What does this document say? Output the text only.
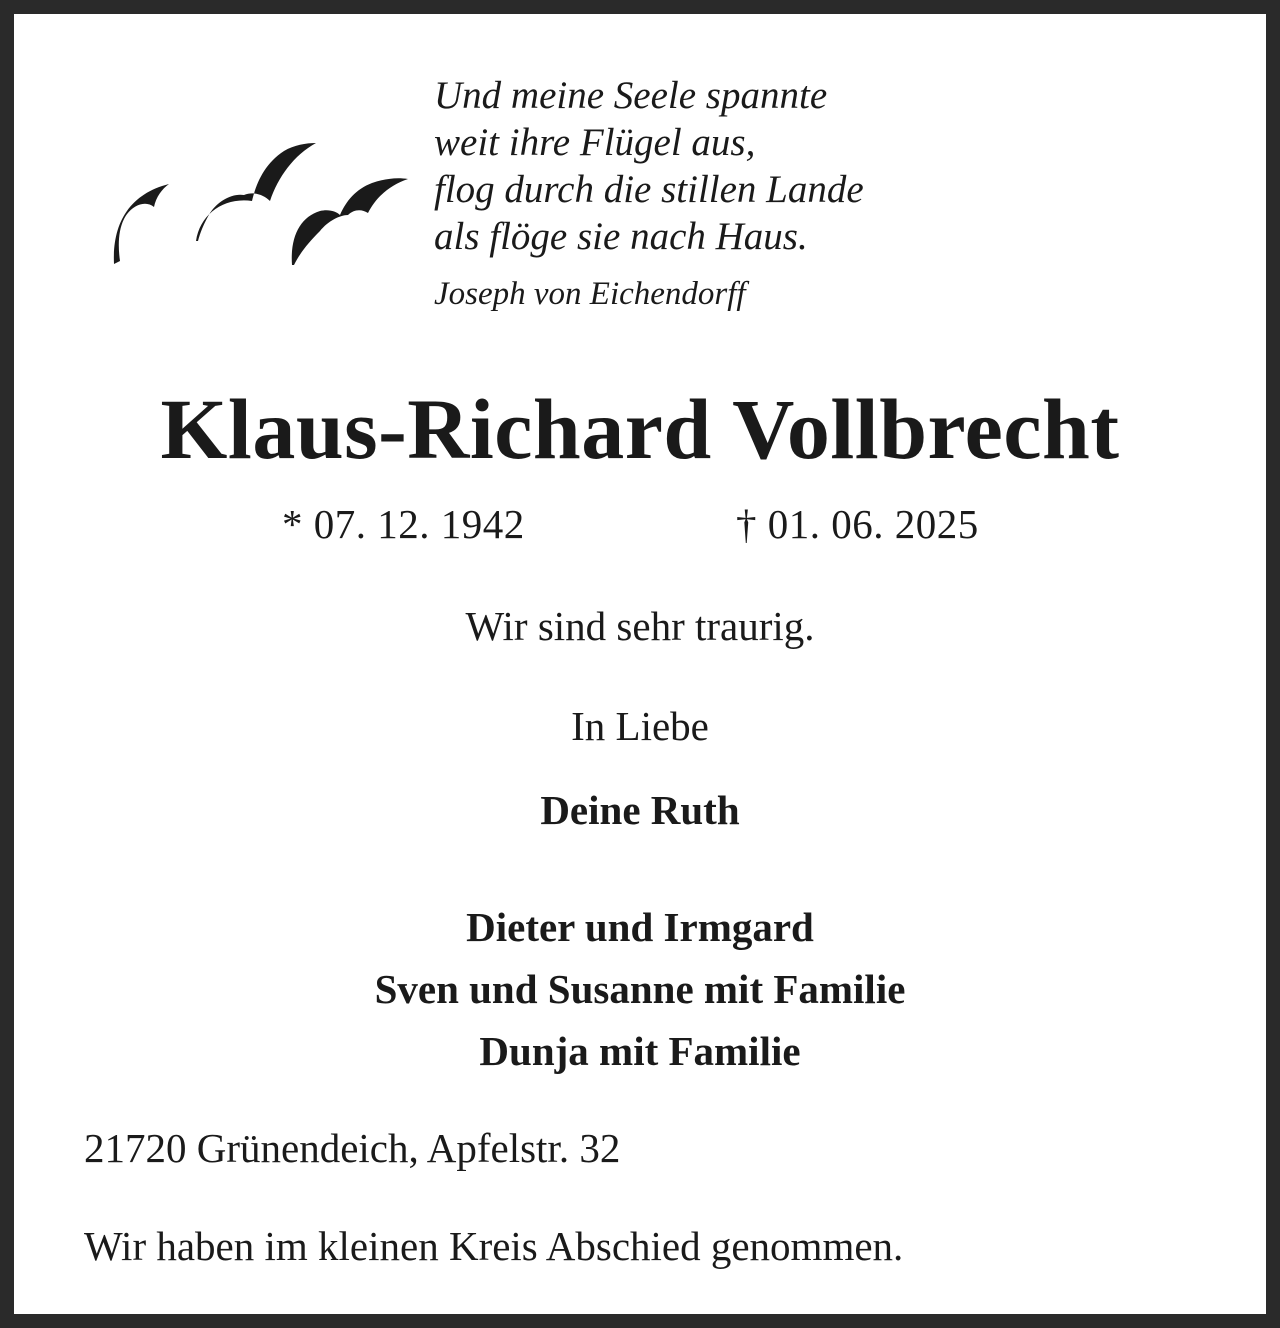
Und meine Seele spannte
weit ihre Flügel aus,
flog durch die stillen Lande
als flöge sie nach Haus.
Joseph von Eichendorff
Klaus-Richard Vollbrecht
* 07. 12. 1942	† 01. 06. 2025
Wir sind sehr traurig.
In Liebe
Deine Ruth
Dieter und Irmgard
Sven und Susanne mit Familie
Dunja mit Familie
21720 Grünendeich, Apfelstr. 32
Wir haben im kleinen Kreis Abschied genommen.
